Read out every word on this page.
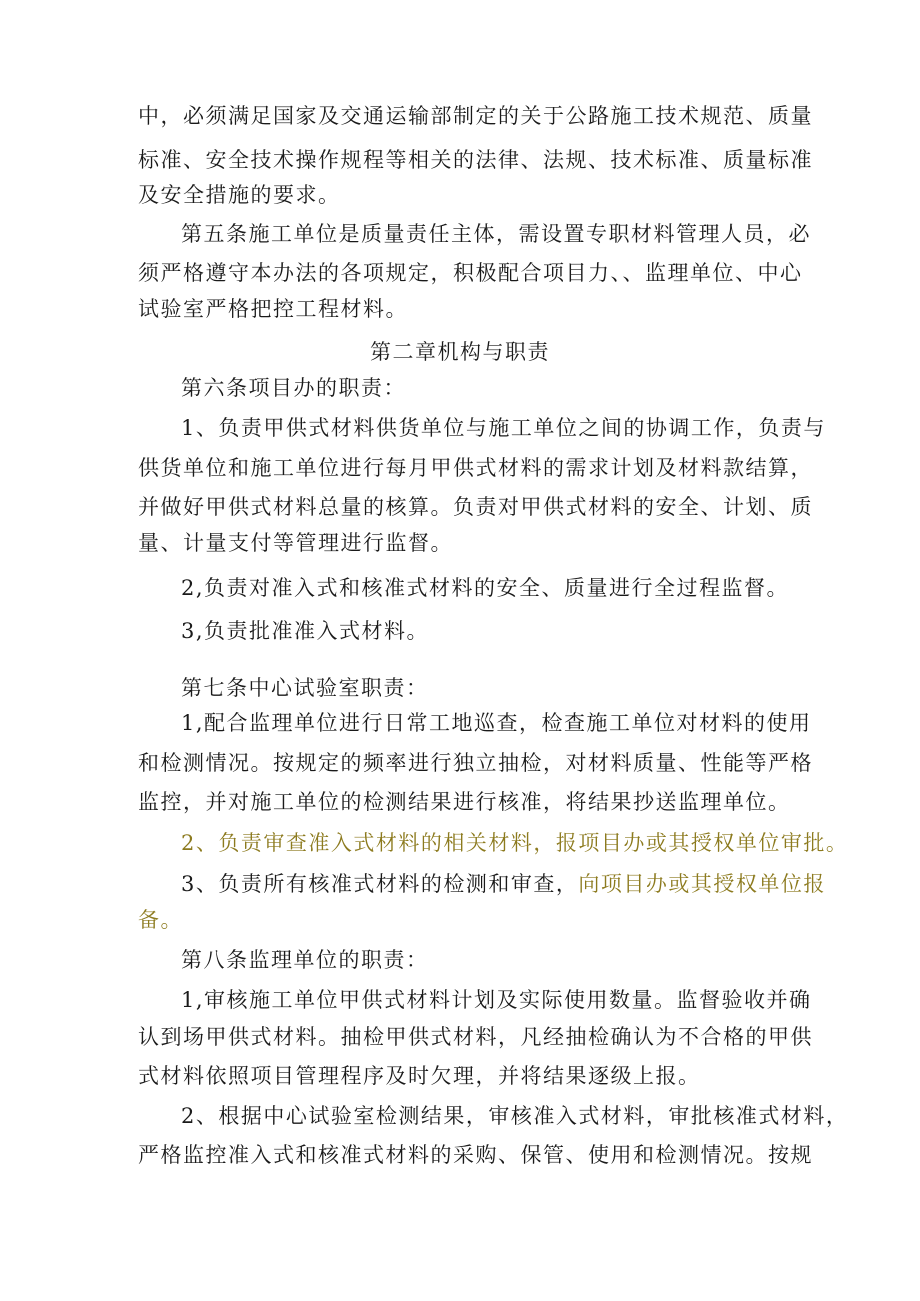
中，必须满足国家及交通运输部制定的关于公路施工技术规范、质量
标准、安全技术操作规程等相关的法律、法规、技术标准、质量标准
及安全措施的要求。
第五条施工单位是质量责任主体，需设置专职材料管理人员，必
须严格遵守本办法的各项规定，积极配合项目力、、监理单位、中心
试验室严格把控工程材料。
第二章机构与职责
第六条项目办的职责：
1、负责甲供式材料供货单位与施工单位之间的协调工作，负责与
供货单位和施工单位进行每月甲供式材料的需求计划及材料款结算，
并做好甲供式材料总量的核算。负责对甲供式材料的安全、计划、质
量、计量支付等管理进行监督。
2,负责对准入式和核准式材料的安全、质量进行全过程监督。
3,负责批准准入式材料。
第七条中心试验室职责：
1,配合监理单位进行日常工地巡查，检查施工单位对材料的使用
和检测情况。按规定的频率进行独立抽检，对材料质量、性能等严格
监控，并对施工单位的检测结果进行核准，将结果抄送监理单位。
2、负责审查准入式材料的相关材料，报项目办或其授权单位审批。
3、负责所有核准式材料的检测和审查，向项目办或其授权单位报
备。
第八条监理单位的职责：
1,审核施工单位甲供式材料计划及实际使用数量。监督验收并确
认到场甲供式材料。抽检甲供式材料，凡经抽检确认为不合格的甲供
式材料依照项目管理程序及时欠理，并将结果逐级上报。
2、根据中心试验室检测结果，审核准入式材料，审批核准式材料，
严格监控准入式和核准式材料的采购、保管、使用和检测情况。按规
